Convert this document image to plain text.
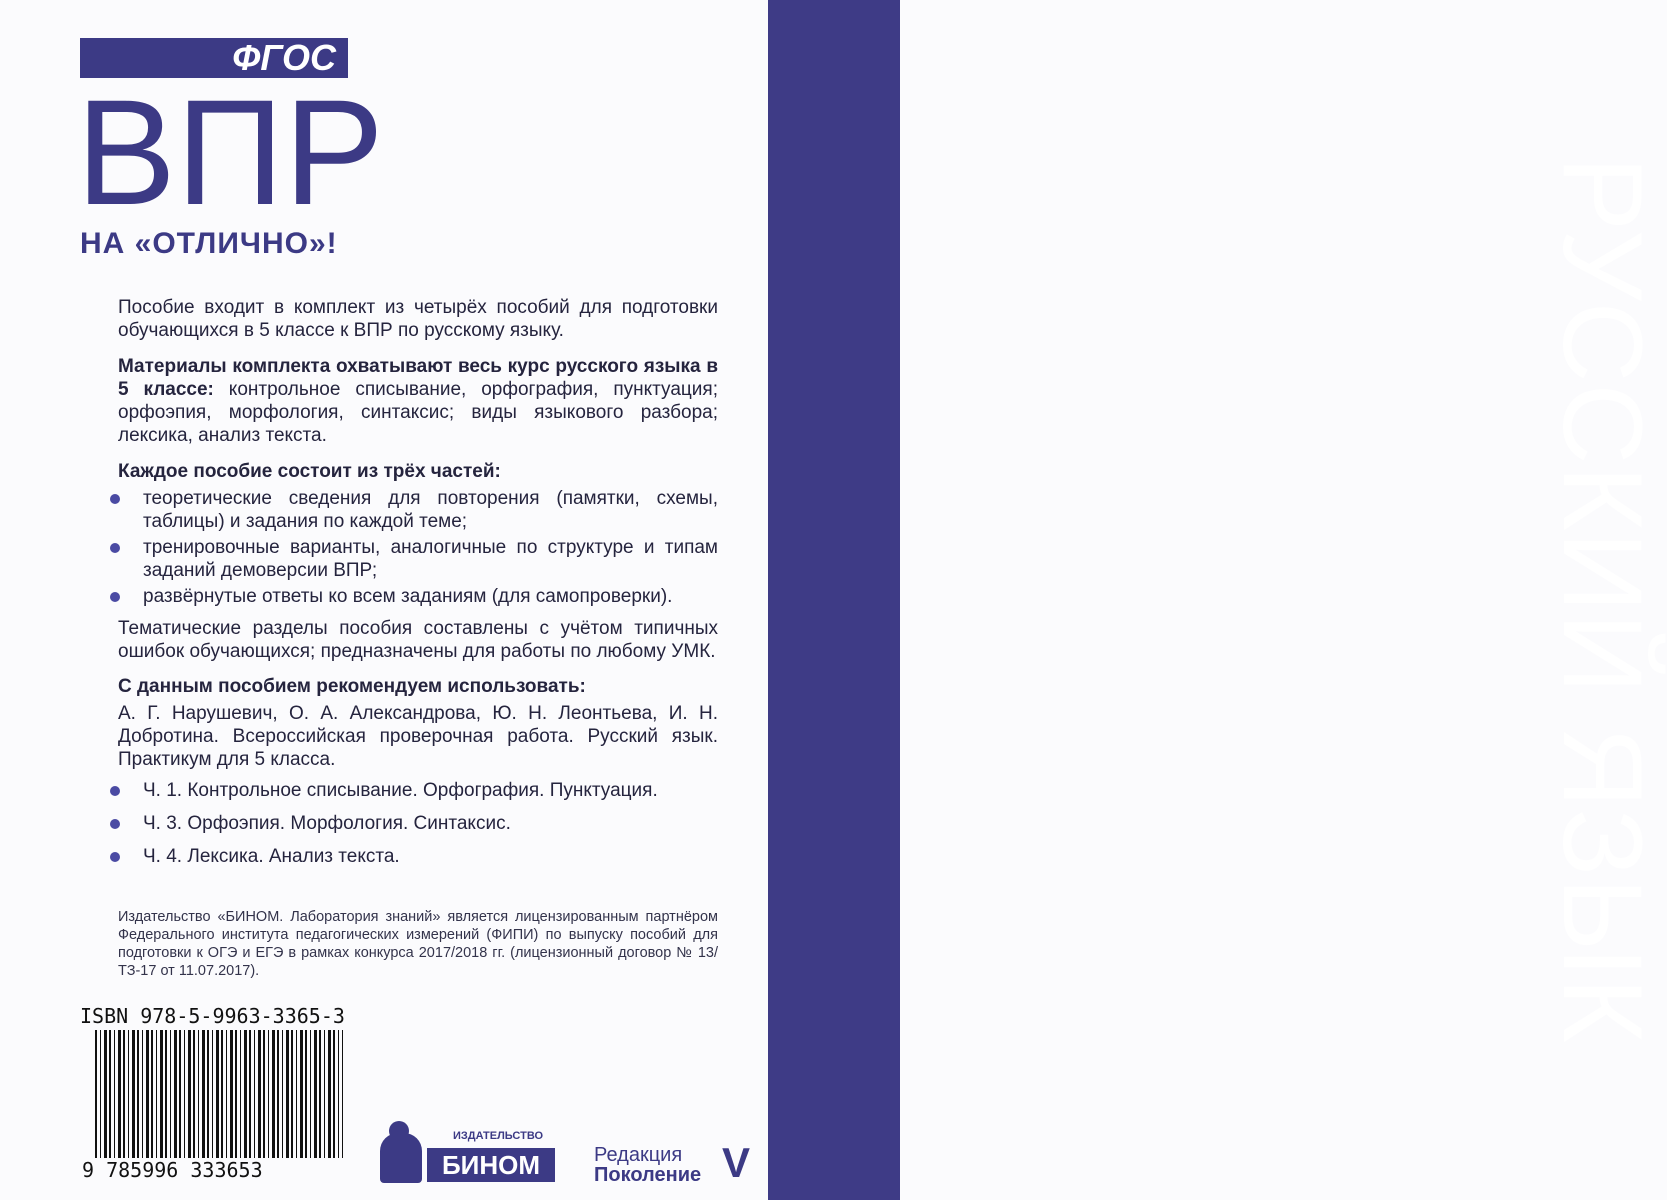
РУССКИЙ ЯЗЫК
ФГОС
ВПР
НА «ОТЛИЧНО»!

Пособие входит в комплект из четырёх пособий для подготовки обучающихся в 5 классе к ВПР по русскому языку.

Материалы комплекта охватывают весь курс русского языка в 5 классе: контрольное списывание, орфография, пунктуация; орфоэпия, морфология, синтаксис; виды языкового разбора; лексика, анализ текста.

Каждое пособие состоит из трёх частей:
теоретические сведения для повторения (памятки, схемы, таблицы) и задания по каждой теме;
тренировочные варианты, аналогичные по структуре и типам заданий демоверсии ВПР;
развёрнутые ответы ко всем заданиям (для самопроверки).

Тематические разделы пособия составлены с учётом типичных ошибок обучающихся; предназначены для работы по любому УМК.

С данным пособием рекомендуем использовать:

А. Г. Нарушевич, О. А. Александрова, Ю. Н. Леонтьева, И. Н. Добротина. Всероссийская проверочная работа. Русский язык. Практикум для 5 класса.

Ч. 1. Контрольное списывание. Орфография. Пунктуация.
Ч. 3. Орфоэпия. Морфология. Синтаксис.
Ч. 4. Лексика. Анализ текста.
Издательство «БИНОМ. Лаборатория знаний» является лицензированным партнёром Федерального института педагогических измерений (ФИПИ) по выпуску пособий для подготовки к ОГЭ и ЕГЭ в рамках конкурса 2017/2018 гг. (лицензионный договор № 13/ТЗ-17 от 11.07.2017).
ISBN 978-5-9963-3365-3
9 785996 333653
ИЗДАТЕЛЬСТВО
БИНОМ	Редакция
Поколение V
